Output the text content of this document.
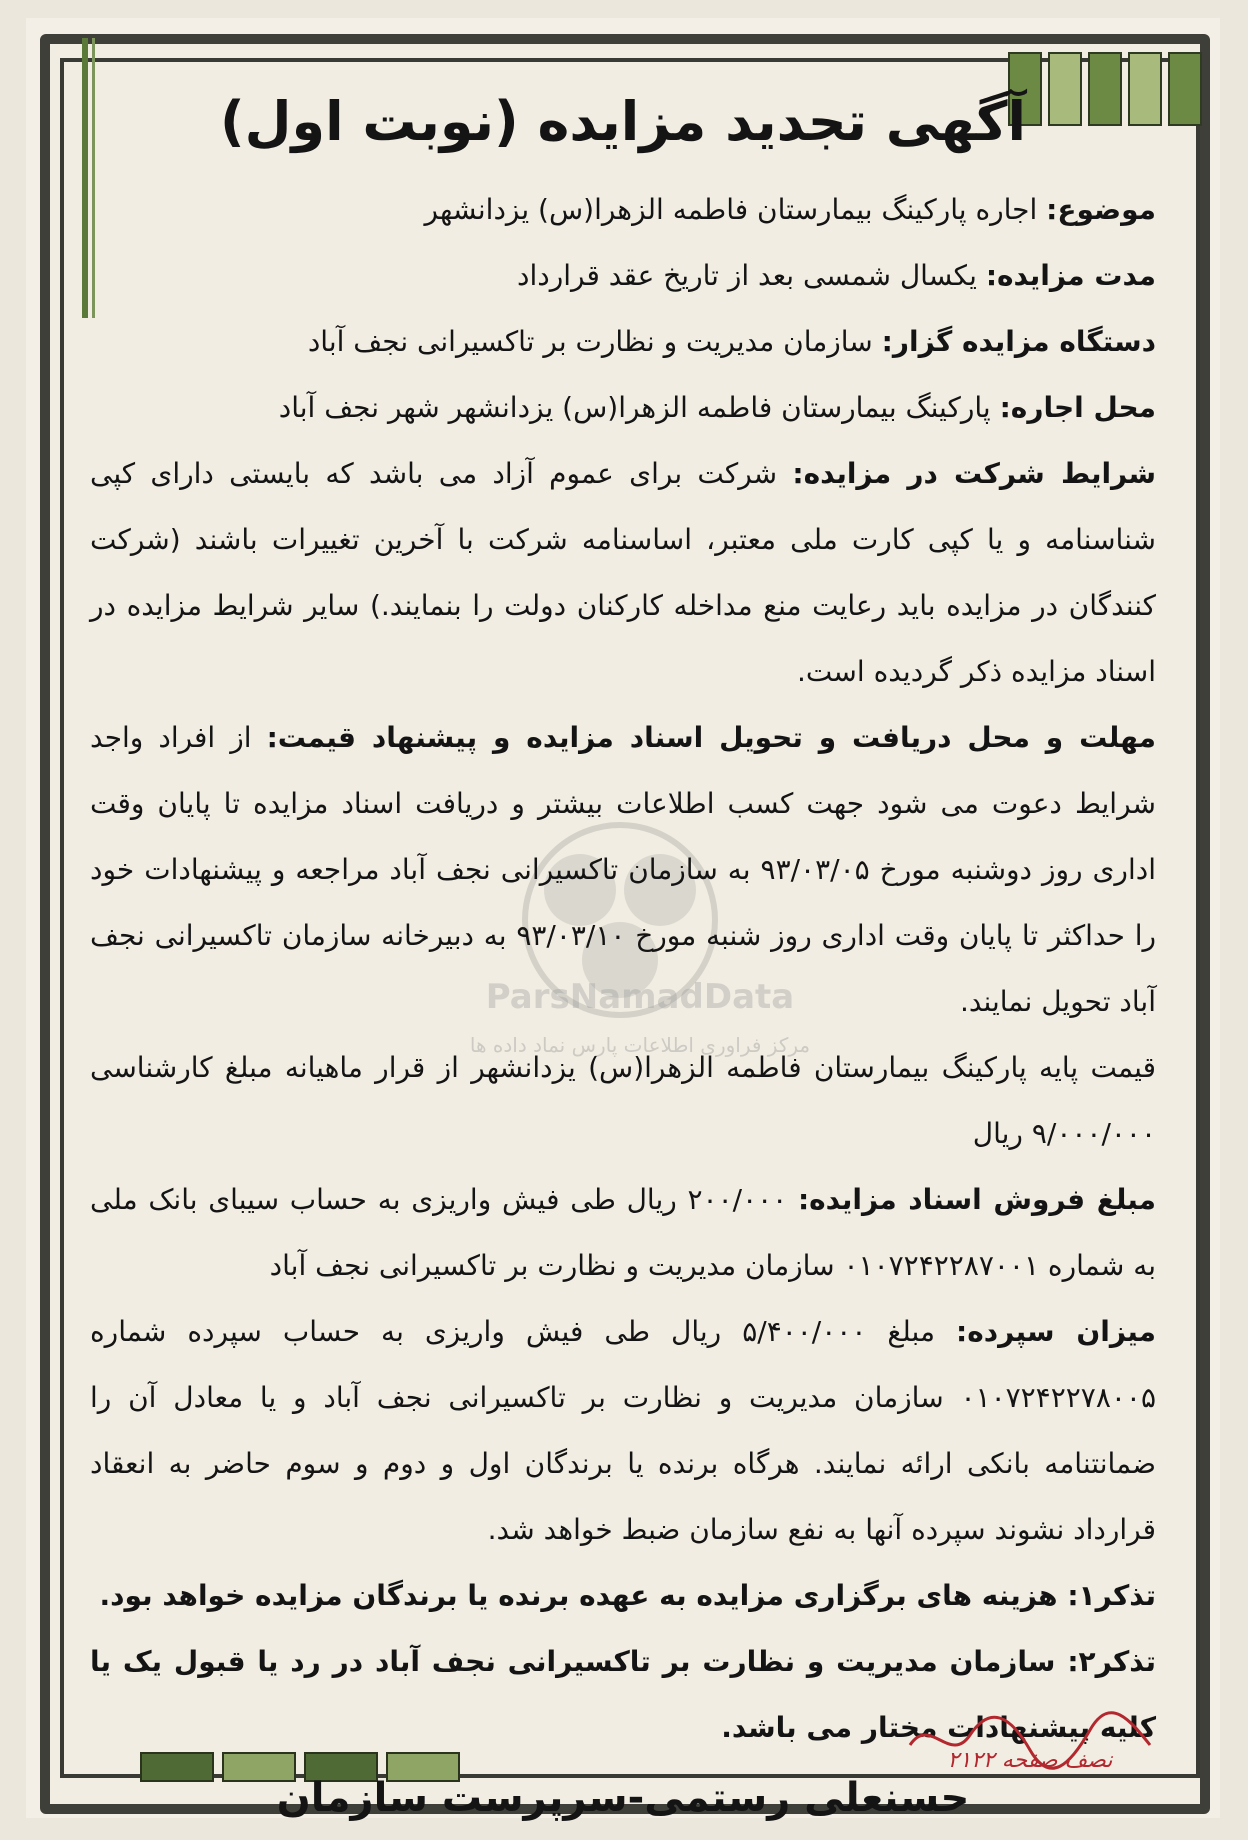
ParsNamadData
مرکز فراوری اطلاعات پارس نماد داده ها
آگهی تجدید مزایده (نوبت اول)

موضوع: اجاره پارکینگ بیمارستان فاطمه الزهرا(س) یزدانشهر

مدت مزایده: یکسال شمسی بعد از تاریخ عقد قرارداد

دستگاه مزایده گزار: سازمان مدیریت و نظارت بر تاکسیرانی نجف آباد

محل اجاره: پارکینگ بیمارستان فاطمه الزهرا(س) یزدانشهر شهر نجف آباد

شرایط شرکت در مزایده: شرکت برای عموم آزاد می باشد که بایستی دارای کپی شناسنامه و یا کپی کارت ملی معتبر، اساسنامه شرکت با آخرین تغییرات باشند (شرکت کنندگان در مزایده باید رعایت منع مداخله کارکنان دولت را بنمایند.) سایر شرایط مزایده در اسناد مزایده ذکر گردیده است.

مهلت و محل دریافت و تحویل اسناد مزایده و پیشنهاد قیمت: از افراد واجد شرایط دعوت می شود جهت کسب اطلاعات بیشتر و دریافت اسناد مزایده تا پایان وقت اداری روز دوشنبه مورخ ۹۳/۰۳/۰۵ به سازمان تاکسیرانی نجف آباد مراجعه و پیشنهادات خود را حداکثر تا پایان وقت اداری روز شنبه مورخ ۹۳/۰۳/۱۰ به دبیرخانه سازمان تاکسیرانی نجف آباد تحویل نمایند.

قیمت پایه پارکینگ بیمارستان فاطمه الزهرا(س) یزدانشهر از قرار ماهیانه مبلغ کارشناسی ۹/۰۰۰/۰۰۰ ریال

مبلغ فروش اسناد مزایده: ۲۰۰/۰۰۰ ریال طی فیش واریزی به حساب سیبای بانک ملی به شماره ۰۱۰۷۲۴۲۲۸۷۰۰۱ سازمان مدیریت و نظارت بر تاکسیرانی نجف آباد

میزان سپرده: مبلغ ۵/۴۰۰/۰۰۰ ریال طی فیش واریزی به حساب سپرده شماره ۰۱۰۷۲۴۲۲۷۸۰۰۵ سازمان مدیریت و نظارت بر تاکسیرانی نجف آباد و یا معادل آن را ضمانتنامه بانکی ارائه نمایند. هرگاه برنده یا برندگان اول و دوم و سوم حاضر به انعقاد قرارداد نشوند سپرده آنها به نفع سازمان ضبط خواهد شد.

تذکر۱: هزینه های برگزاری مزایده به عهده برنده یا برندگان مزایده خواهد بود.

تذکر۲: سازمان مدیریت و نظارت بر تاکسیرانی نجف آباد در رد یا قبول یک یا کلیه پیشنهادات مختار می باشد.

حسنعلی رستمی-سرپرست سازمان
نصف صفحه ۲۱۲۲
